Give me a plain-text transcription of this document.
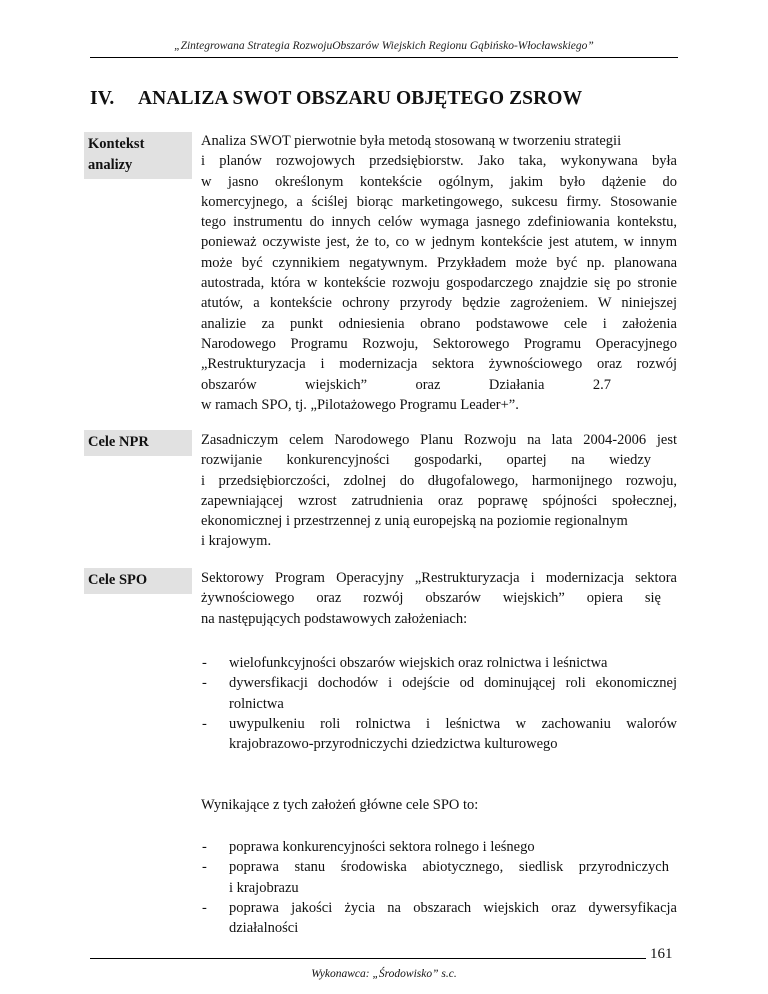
„Zintegrowana Strategia RozwojuObszarów Wiejskich Regionu Gąbińsko-Włocławskiego”
IV. ANALIZA SWOT OBSZARU OBJĘTEGO ZSROW
Kontekst
analizy

Analiza SWOT pierwotnie była metodą stosowaną w tworzeniu strategii
i planów rozwojowych przedsiębiorstw. Jako taka, wykonywana była
w jasno określonym kontekście ogólnym, jakim było dążenie do
komercyjnego, a ściślej biorąc marketingowego, sukcesu firmy. Stosowanie
tego instrumentu do innych celów wymaga jasnego zdefiniowania kontekstu,
ponieważ oczywiste jest, że to, co w jednym kontekście jest atutem, w innym
może być czynnikiem negatywnym. Przykładem może być np. planowana
autostrada, która w kontekście rozwoju gospodarczego znajdzie się po stronie
atutów, a kontekście ochrony przyrody będzie zagrożeniem. W niniejszej
analizie za punkt odniesienia obrano podstawowe cele i założenia
Narodowego Programu Rozwoju, Sektorowego Programu Operacyjnego
„Restrukturyzacja i modernizacja sektora żywnościowego oraz rozwój
obszarów wiejskich” oraz Działania 2.7
w ramach SPO, tj. „Pilotażowego Programu Leader+”.

Cele NPR	Zasadniczym celem Narodowego Planu Rozwoju na lata 2004-2006 jest
rozwijanie konkurencyjności gospodarki, opartej na wiedzy
i przedsiębiorczości, zdolnej do długofalowego, harmonijnego rozwoju,
zapewniającej wzrost zatrudnienia oraz poprawę spójności społecznej,
ekonomicznej i przestrzennej z unią europejską na poziomie regionalnym
i krajowym.

Cele SPO	Sektorowy Program Operacyjny „Restrukturyzacja i modernizacja sektora
żywnościowego oraz rozwój obszarów wiejskich” opiera się
na następujących podstawowych założeniach:

- wielofunkcyjności obszarów wiejskich oraz rolnictwa i leśnictwa
- dywersfikacji dochodów i odejście od dominującej roli ekonomicznej
rolnictwa
- uwypulkeniu roli rolnictwa i leśnictwa w zachowaniu walorów
krajobrazowo-przyrodniczychi dziedzictwa kulturowego

Wynikające z tych założeń główne cele SPO to:

- poprawa konkurencyjności sektora rolnego i leśnego
- poprawa stanu środowiska abiotycznego, siedlisk przyrodniczych
i krajobrazu
- poprawa jakości życia na obszarach wiejskich oraz dywersyfikacja
działalności
161
Wykonawca: „Środowisko” s.c.
